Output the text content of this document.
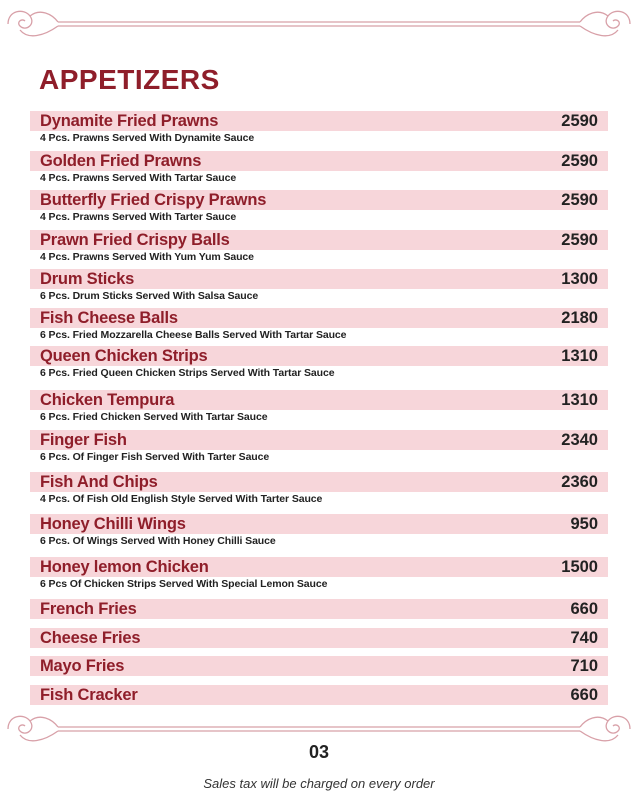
APPETIZERS
Dynamite Fried Prawns	2590
4 Pcs. Prawns Served With Dynamite Sauce
Golden Fried Prawns	2590
4 Pcs. Prawns Served With Tartar Sauce
Butterfly Fried Crispy Prawns	2590
4 Pcs. Prawns Served With Tarter Sauce
Prawn Fried Crispy Balls	2590
4 Pcs. Prawns Served With Yum Yum Sauce
Drum Sticks	1300
6 Pcs. Drum Sticks Served With Salsa Sauce
Fish Cheese Balls	2180
6 Pcs. Fried Mozzarella Cheese Balls Served With Tartar Sauce
Queen Chicken Strips	1310
6 Pcs. Fried Queen Chicken Strips Served With Tartar Sauce
Chicken Tempura	1310
6 Pcs. Fried Chicken Served With Tartar Sauce
Finger Fish	2340
6 Pcs. Of Finger Fish Served With Tarter Sauce
Fish And Chips	2360
4 Pcs. Of Fish Old English Style Served With Tarter Sauce
Honey Chilli Wings	950
6 Pcs. Of Wings Served With Honey Chilli Sauce
Honey lemon Chicken	1500
6 Pcs Of Chicken Strips Served With Special Lemon Sauce
French Fries	660
Cheese Fries	740
Mayo Fries	710
Fish Cracker	660
03
Sales tax will be charged on every order
